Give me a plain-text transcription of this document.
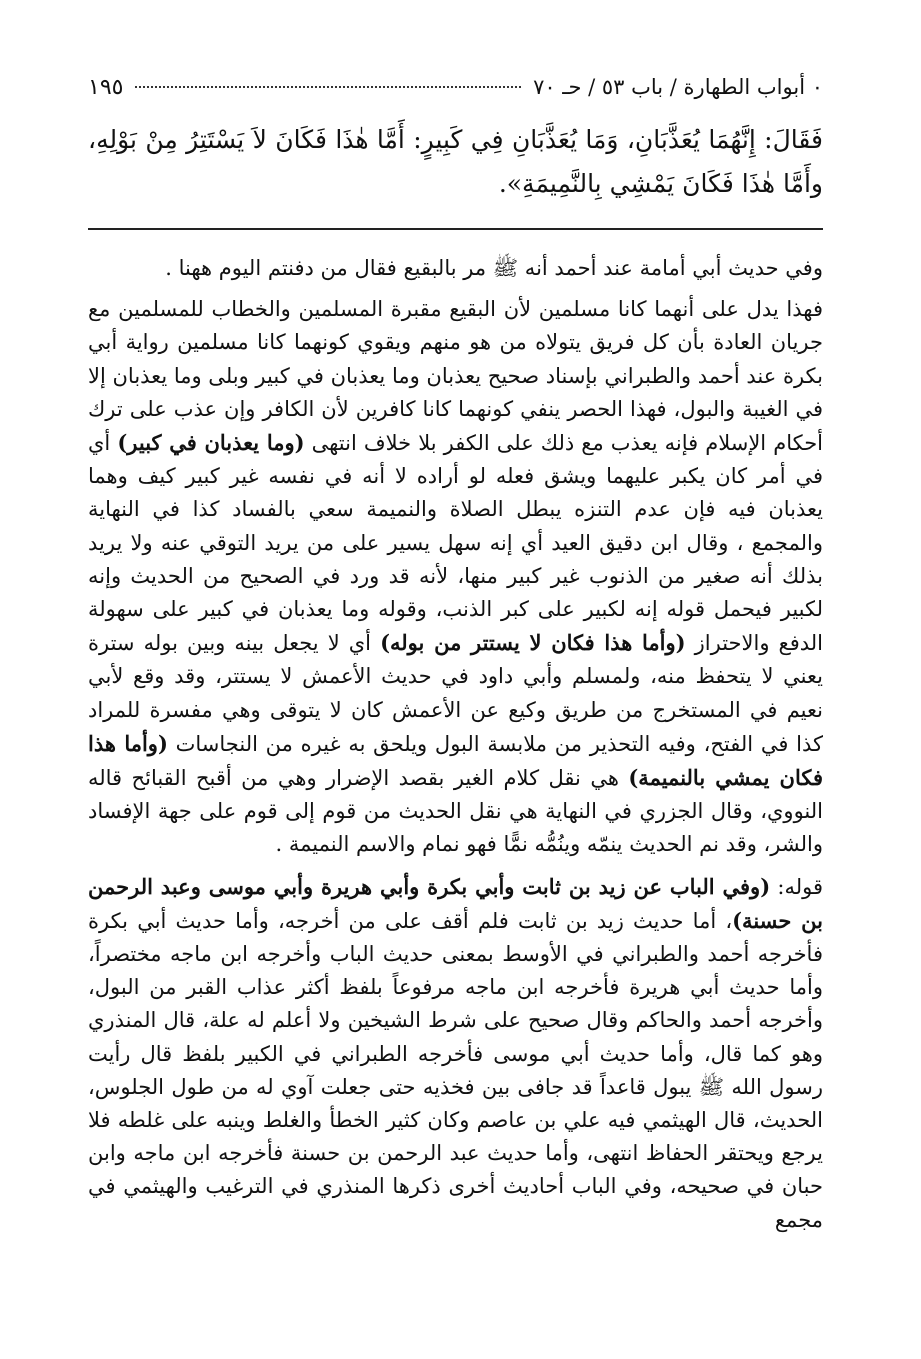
٠ أبواب الطهارة / باب ٥٣ / حـ ٧٠
١٩٥

فَقَالَ: إِنَّهُمَا يُعَذَّبَانِ، وَمَا يُعَذَّبَانِ فِي كَبِيرٍ: أَمَّا هٰذَا فَكَانَ لاَ يَسْتَتِرُ مِنْ بَوْلِهِ، وأَمَّا هٰذَا فَكَانَ يَمْشِي بِالنَّمِيمَةِ».

وفي حديث أبي أمامة عند أحمد أنه ﷺ مر بالبقيع فقال من دفنتم اليوم ههنا .

فهذا يدل على أنهما كانا مسلمين لأن البقيع مقبرة المسلمين والخطاب للمسلمين مع جريان العادة بأن كل فريق يتولاه من هو منهم ويقوي كونهما كانا مسلمين رواية أبي بكرة عند أحمد والطبراني بإسناد صحيح يعذبان وما يعذبان في كبير وبلى وما يعذبان إلا في الغيبة والبول، فهذا الحصر ينفي كونهما كانا كافرين لأن الكافر وإن عذب على ترك أحكام الإسلام فإنه يعذب مع ذلك على الكفر بلا خلاف انتهى (وما يعذبان في كبير) أي في أمر كان يكبر عليهما ويشق فعله لو أراده لا أنه في نفسه غير كبير كيف وهما يعذبان فيه فإن عدم التنزه يبطل الصلاة والنميمة سعي بالفساد كذا في النهاية والمجمع ، وقال ابن دقيق العيد أي إنه سهل يسير على من يريد التوقي عنه ولا يريد بذلك أنه صغير من الذنوب غير كبير منها، لأنه قد ورد في الصحيح من الحديث وإنه لكبير فيحمل قوله إنه لكبير على كبر الذنب، وقوله وما يعذبان في كبير على سهولة الدفع والاحتراز (وأما هذا فكان لا يستتر من بوله) أي لا يجعل بينه وبين بوله سترة يعني لا يتحفظ منه، ولمسلم وأبي داود في حديث الأعمش لا يستتر، وقد وقع لأبي نعيم في المستخرج من طريق وكيع عن الأعمش كان لا يتوقى وهي مفسرة للمراد كذا في الفتح، وفيه التحذير من ملابسة البول ويلحق به غيره من النجاسات (وأما هذا فكان يمشي بالنميمة) هي نقل كلام الغير بقصد الإضرار وهي من أقبح القبائح قاله النووي، وقال الجزري في النهاية هي نقل الحديث من قوم إلى قوم على جهة الإفساد والشر، وقد نم الحديث ينمّه وينُمُّه نمًّا فهو نمام والاسم النميمة .

قوله: (وفي الباب عن زيد بن ثابت وأبي بكرة وأبي هريرة وأبي موسى وعبد الرحمن بن حسنة)، أما حديث زيد بن ثابت فلم أقف على من أخرجه، وأما حديث أبي بكرة فأخرجه أحمد والطبراني في الأوسط بمعنى حديث الباب وأخرجه ابن ماجه مختصراً، وأما حديث أبي هريرة فأخرجه ابن ماجه مرفوعاً بلفظ أكثر عذاب القبر من البول، وأخرجه أحمد والحاكم وقال صحيح على شرط الشيخين ولا أعلم له علة، قال المنذري وهو كما قال، وأما حديث أبي موسى فأخرجه الطبراني في الكبير بلفظ قال رأيت رسول الله ﷺ يبول قاعداً قد جافى بين فخذيه حتى جعلت آوي له من طول الجلوس، الحديث، قال الهيثمي فيه علي بن عاصم وكان كثير الخطأ والغلط وينبه على غلطه فلا يرجع ويحتقر الحفاظ انتهى، وأما حديث عبد الرحمن بن حسنة فأخرجه ابن ماجه وابن حبان في صحيحه، وفي الباب أحاديث أخرى ذكرها المنذري في الترغيب والهيثمي في مجمع
